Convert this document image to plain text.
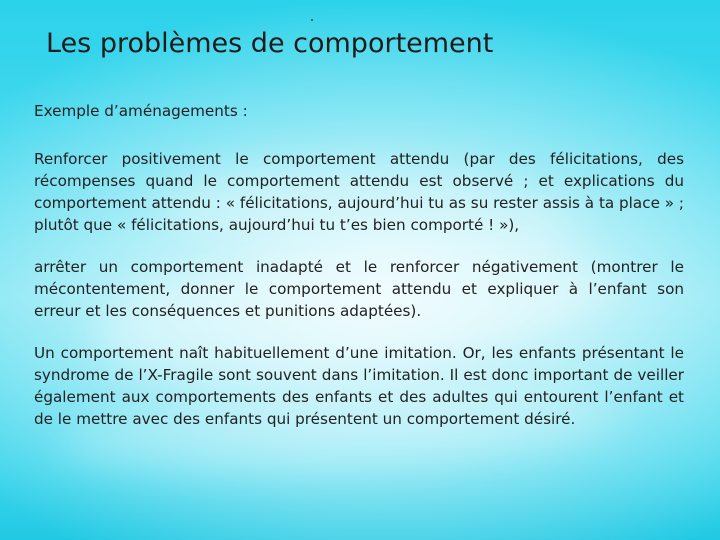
Les problèmes de comportement

Exemple d’aménagements :

Renforcer positivement le comportement attendu (par des félicitations, des récompenses quand le comportement attendu est observé ; et explications du comportement attendu : « félicitations, aujourd’hui tu as su rester assis à ta place » ; plutôt que « félicitations, aujourd’hui tu t’es bien comporté ! »),

arrêter un comportement inadapté et le renforcer négativement (montrer le mécontentement, donner le comportement attendu et expliquer à l’enfant son erreur et les conséquences et punitions adaptées).

Un comportement naît habituellement d’une imitation. Or, les enfants présentant le syndrome de l’X-Fragile sont souvent dans l’imitation. Il est donc important de veiller également aux comportements des enfants et des adultes qui entourent l’enfant et de le mettre avec des enfants qui présentent un comportement désiré.
